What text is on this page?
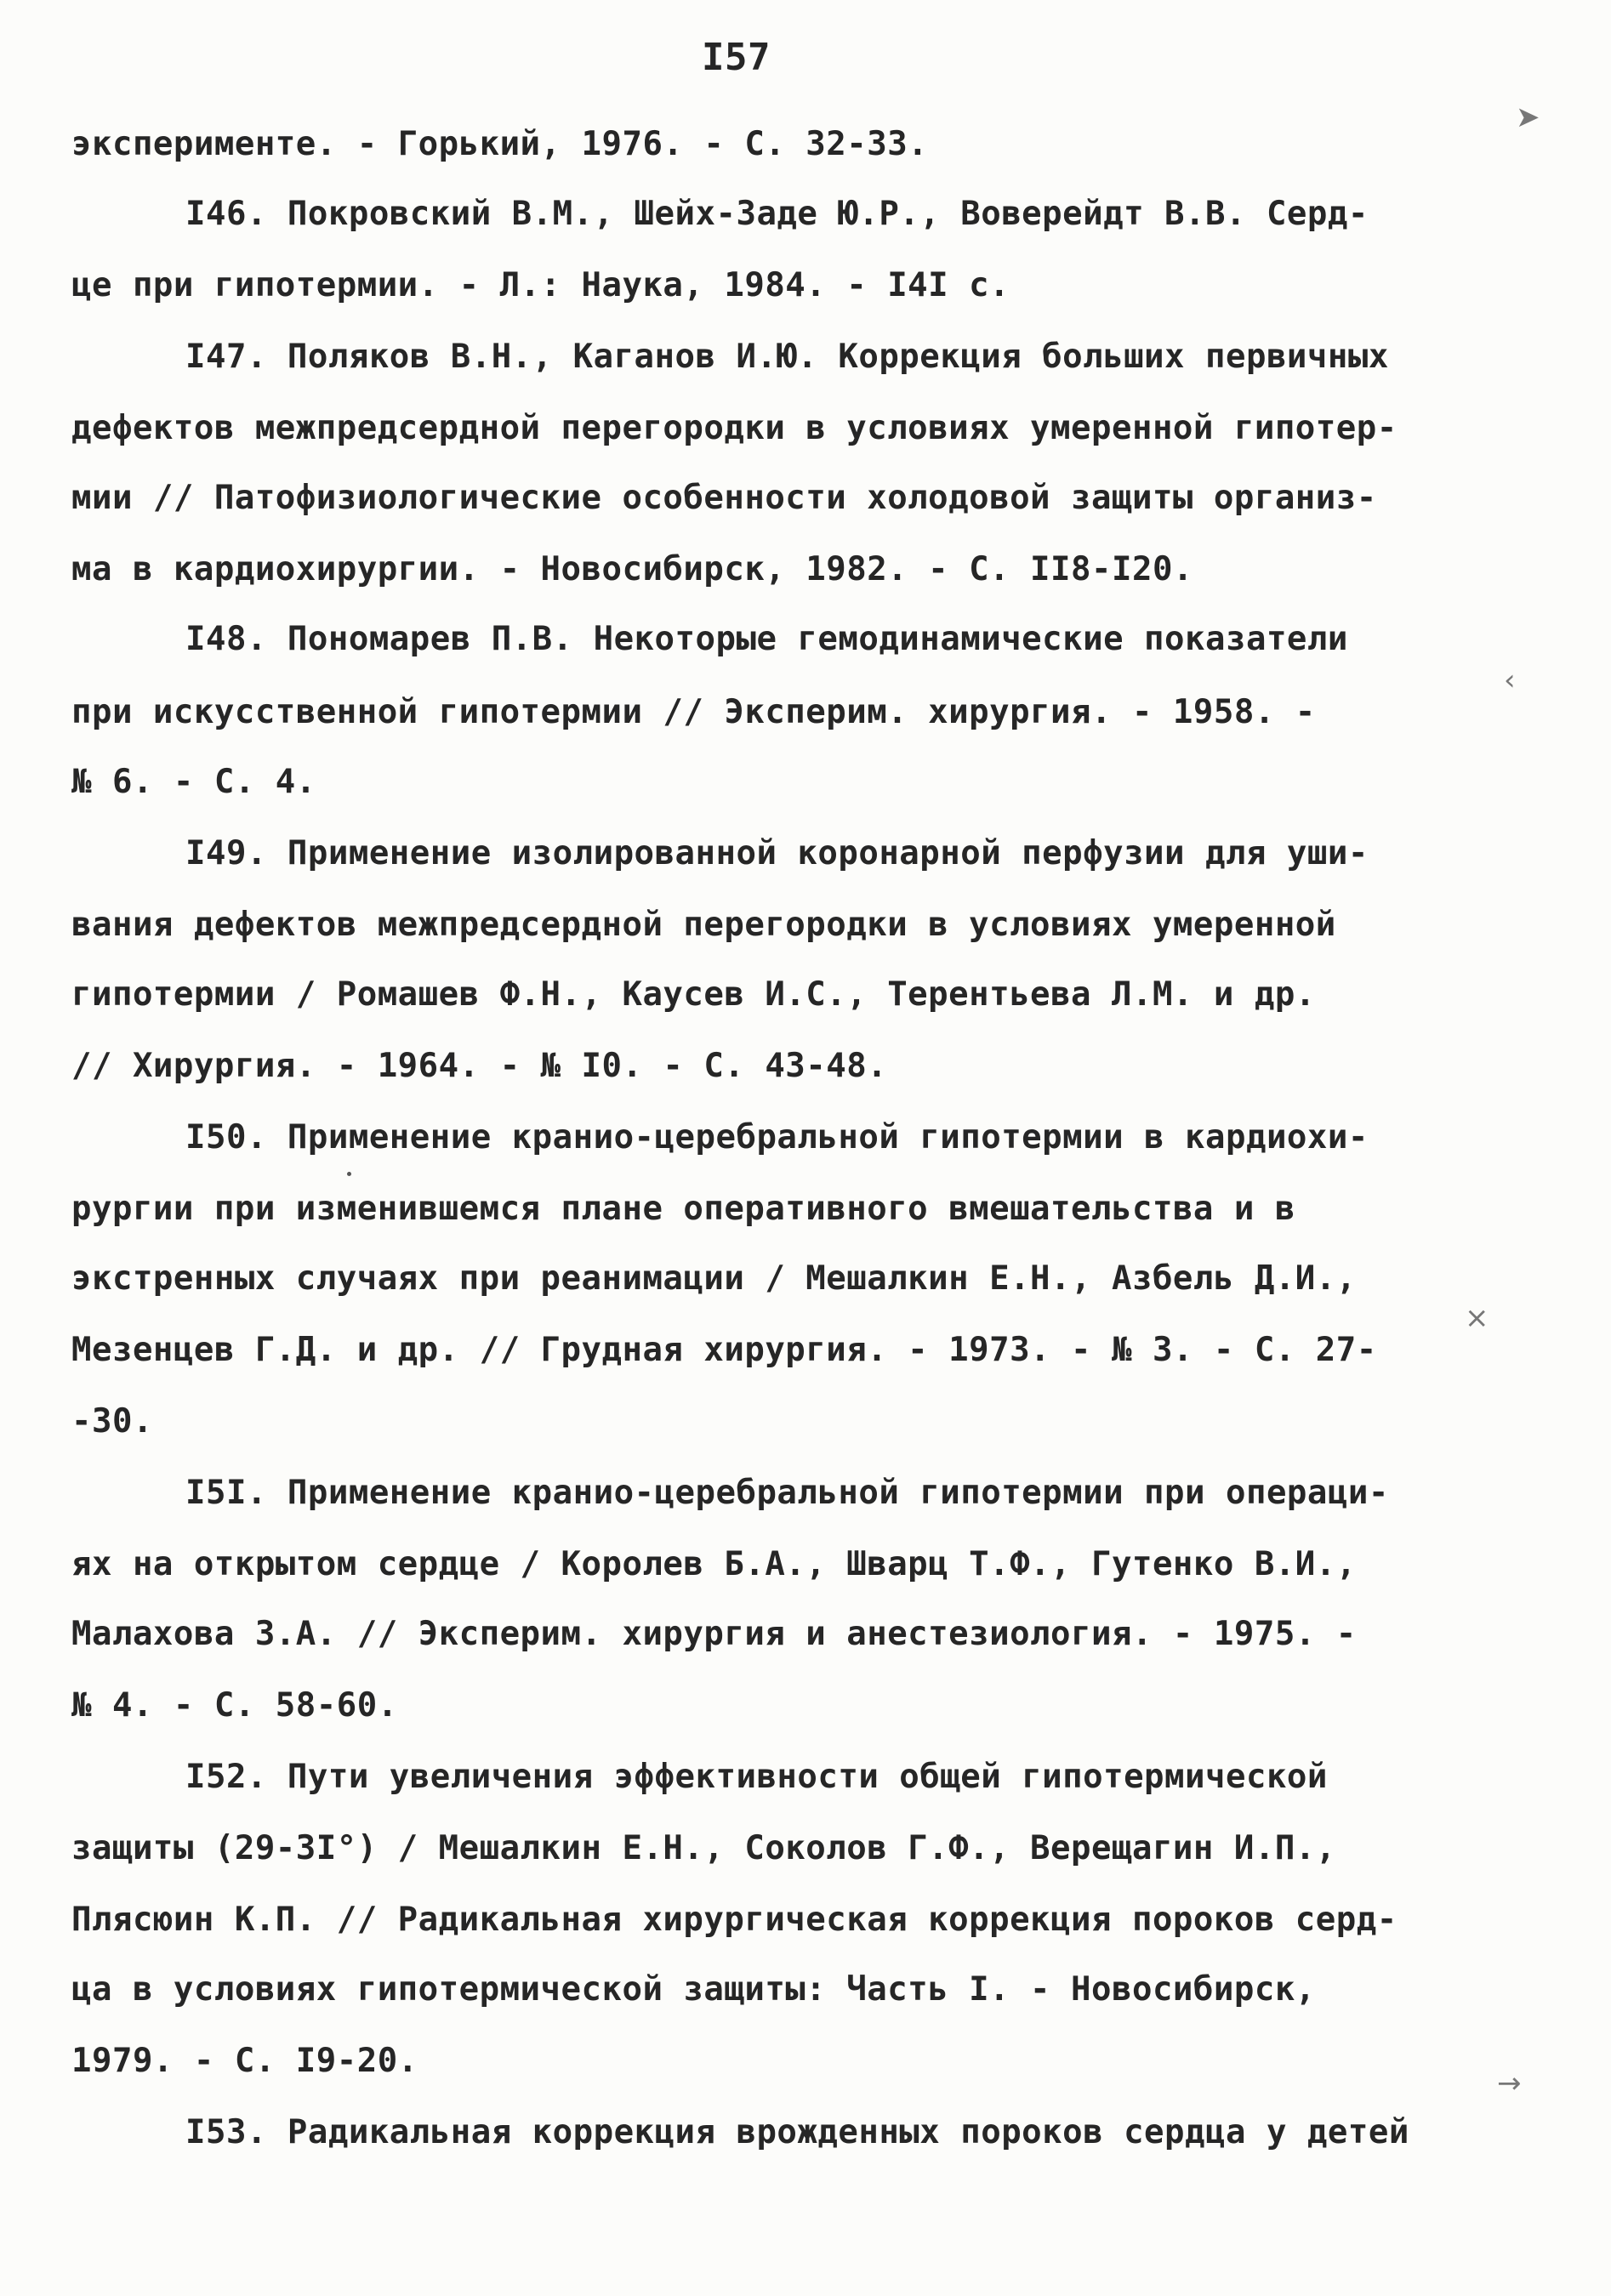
I57
эксперименте. - Горький, 1976. - С. 32-33.
I46. Покровский В.М., Шейх-Заде Ю.Р., Воверейдт В.В. Серд-
це при гипотермии. - Л.: Наука, 1984. - I4I с.
I47. Поляков В.Н., Каганов И.Ю. Коррекция больших первичных
дефектов межпредсердной перегородки в условиях умеренной гипотер-
мии // Патофизиологические особенности холодовой защиты организ-
ма в кардиохирургии. - Новосибирск, 1982. - С. II8-I20.
I48. Пономарев П.В. Некоторые гемодинамические показатели
при искусственной гипотермии // Эксперим. хирургия. - 1958. -
№ 6. - С. 4.
I49. Применение изолированной коронарной перфузии для уши-
вания дефектов межпредсердной перегородки в условиях умеренной
гипотермии / Ромашев Ф.Н., Каусев И.С., Терентьева Л.М. и др.
// Хирургия. - 1964. - № I0. - С. 43-48.
I50. Применение кранио-церебральной гипотермии в кардиохи-
рургии при изменившемся плане оперативного вмешательства и в
экстренных случаях при реанимации / Мешалкин Е.Н., Азбель Д.И.,
Мезенцев Г.Д. и др. // Грудная хирургия. - 1973. - № 3. - С. 27-
-30.
I5I. Применение кранио-церебральной гипотермии при операци-
ях на открытом сердце / Королев Б.А., Шварц Т.Ф., Гутенко В.И.,
Малахова З.А. // Эксперим. хирургия и анестезиология. - 1975. -
№ 4. - С. 58-60.
I52. Пути увеличения эффективности общей гипотермической
защиты (29-3I°) / Мешалкин Е.Н., Соколов Г.Ф., Верещагин И.П.,
Плясюин К.П. // Радикальная хирургическая коррекция пороков серд-
ца в условиях гипотермической защиты: Часть I. - Новосибирск,
1979. - С. I9-20.
I53. Радикальная коррекция врожденных пороков сердца у детей
➤
‹
⨯
→
